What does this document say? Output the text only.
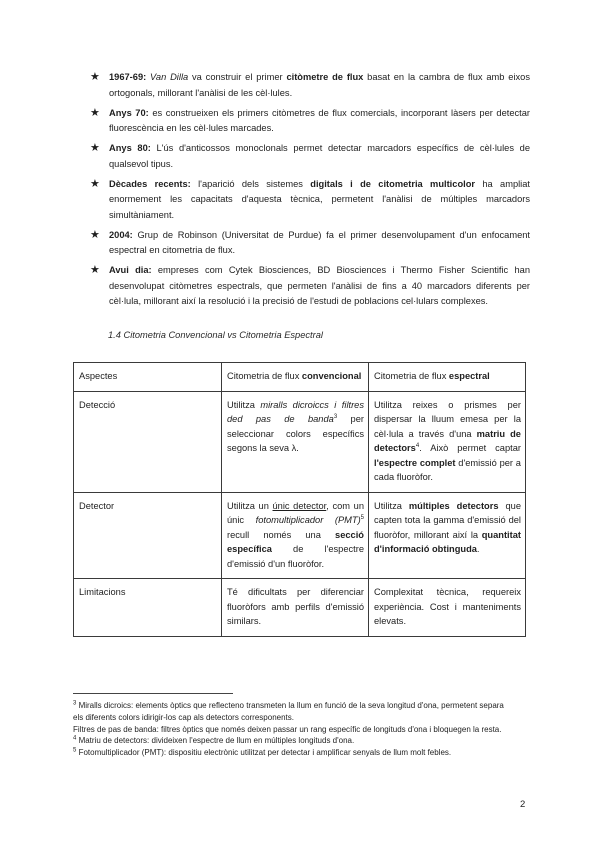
★ 1967-69: Van Dilla va construir el primer citòmetre de flux basat en la cambra de flux amb eixos ortogonals, millorant l'anàlisi de les cèl·lules.
★ Anys 70: es construeixen els primers citòmetres de flux comercials, incorporant làsers per detectar fluorescència en les cèl·lules marcades.
★ Anys 80: L'ús d'anticossos monoclonals permet detectar marcadors específics de cèl·lules de qualsevol tipus.
★ Dècades recents: l'aparició dels sistemes digitals i de citometria multicolor ha ampliat enormement les capacitats d'aquesta tècnica, permetent l'anàlisi de múltiples marcadors simultàniament.
★ 2004: Grup de Robinson (Universitat de Purdue) fa el primer desenvolupament d'un enfocament espectral en citometria de flux.
★ Avui dia: empreses com Cytek Biosciences, BD Biosciences i Thermo Fisher Scientific han desenvolupat citòmetres espectrals, que permeten l'anàlisi de fins a 40 marcadors diferents per cèl·lula, millorant així la resolució i la precisió de l'estudi de poblacions cel·lulars complexes.
1.4 Citometria Convencional vs Citometria Espectral
Aspectes	Citometria de flux convencional	Citometria de flux espectral
Detecció	Utilitza miralls dicroiccs i filtres ded pas de banda$^3$ per seleccionar colors específics segons la seva λ.	Utilitza reixes o prismes per dispersar la lluum emesa per la cèl·lula a través d'una matriu de detectors$^4$. Això permet captar l'espectre complet d'emissió per a cada fluoròfor.
Detector	Utilitza un únic detector, com un únic fotomultiplicador (PMT)$^5$ recull només una secció específica de l'espectre d'emissió d'un fluoròfor.	Utilitza múltiples detectors que capten tota la gamma d'emissió del fluoròfor, millorant així la quantitat d'informació obtinguda.
Limitacions	Té dificultats per diferenciar fluoròfors amb perfils d'emissió similars.	Complexitat tècnica, requereix experiència. Cost i manteniments elevats.
$^3$ Miralls dicroics: elements òptics que reflecteno transmeten la llum en funció de la seva longitud d'ona, permetent separa els diferents colors idirigir-los cap als detectors corresponents.
Filtres de pas de banda: filtres òptics que només deixen passar un rang específic de longituds d'ona i bloquegen la resta.
$^4$ Matriu de detectors: divideixen l'espectre de llum en múltiples longituds d'ona.
$^5$ Fotomultiplicador (PMT): dispositiu electrònic utilitzat per detectar i amplificar senyals de llum molt febles.
2
